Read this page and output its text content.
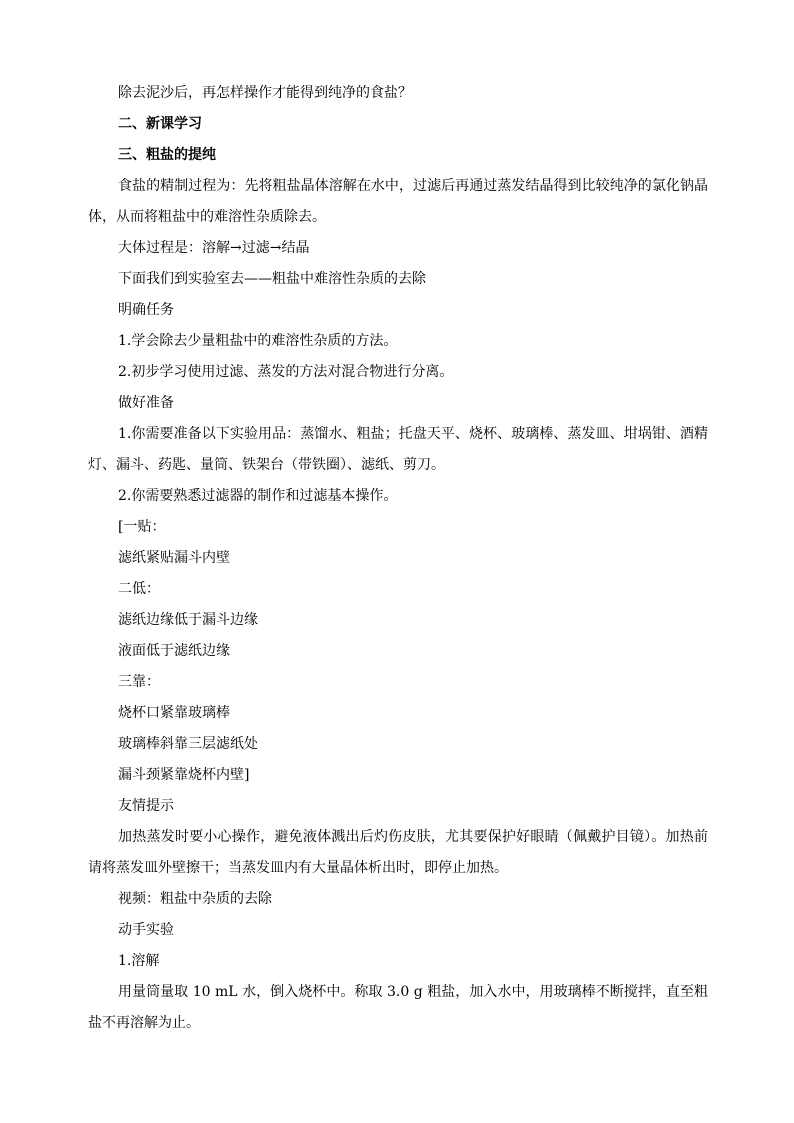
除去泥沙后，再怎样操作才能得到纯净的食盐？

二、新课学习

三、粗盐的提纯

食盐的精制过程为：先将粗盐晶体溶解在水中，过滤后再通过蒸发结晶得到比较纯净的氯化钠晶体，从而将粗盐中的难溶性杂质除去。

大体过程是：溶解→过滤→结晶

下面我们到实验室去——粗盐中难溶性杂质的去除

明确任务

1.学会除去少量粗盐中的难溶性杂质的方法。

2.初步学习使用过滤、蒸发的方法对混合物进行分离。

做好准备

1.你需要准备以下实验用品：蒸馏水、粗盐；托盘天平、烧杯、玻璃棒、蒸发皿、坩埚钳、酒精灯、漏斗、药匙、量筒、铁架台（带铁圈）、滤纸、剪刀。

2.你需要熟悉过滤器的制作和过滤基本操作。

[一贴：

滤纸紧贴漏斗内壁

二低：

滤纸边缘低于漏斗边缘

液面低于滤纸边缘

三靠：

烧杯口紧靠玻璃棒

玻璃棒斜靠三层滤纸处

漏斗颈紧靠烧杯内壁]

友情提示

加热蒸发时要小心操作，避免液体溅出后灼伤皮肤，尤其要保护好眼睛（佩戴护目镜）。加热前请将蒸发皿外壁擦干；当蒸发皿内有大量晶体析出时，即停止加热。

视频：粗盐中杂质的去除

动手实验

1.溶解

用量筒量取 10 mL 水，倒入烧杯中。称取 3.0 g 粗盐，加入水中，用玻璃棒不断搅拌，直至粗盐不再溶解为止。
